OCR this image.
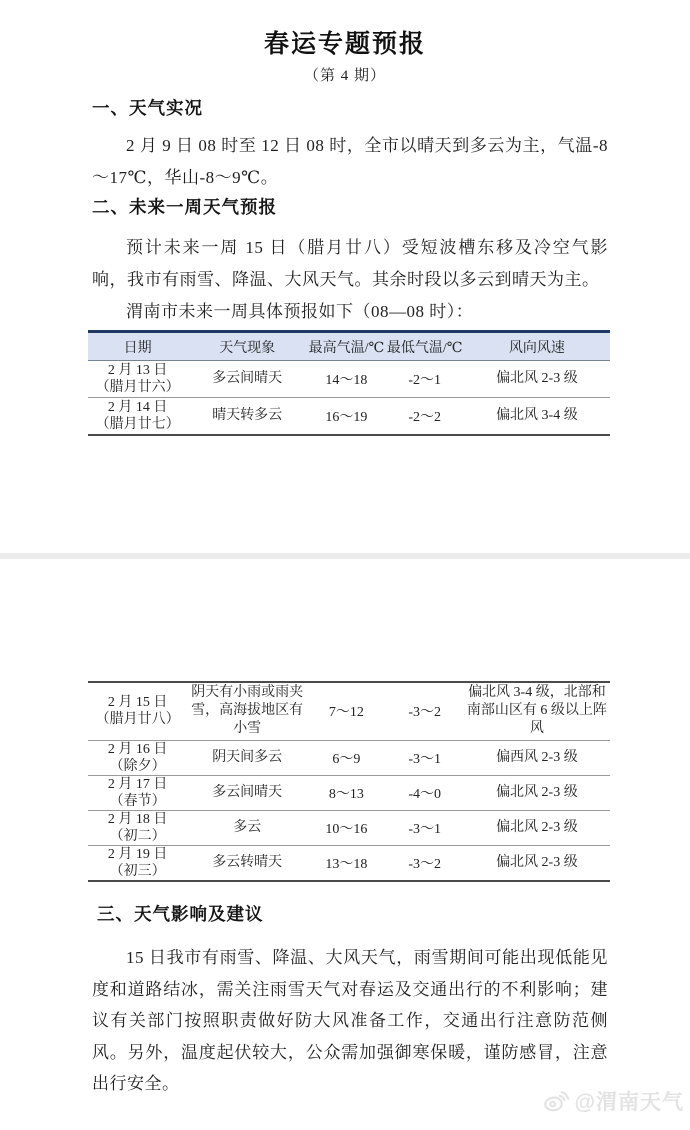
春运专题预报
（第 4 期）
一、天气实况
2 月 9 日 08 时至 12 日 08 时，全市以晴天到多云为主，气温-8～17℃，华山-8～9℃。
二、未来一周天气预报
预计未来一周 15 日（腊月廿八）受短波槽东移及冷空气影响，我市有雨雪、降温、大风天气。其余时段以多云到晴天为主。
渭南市未来一周具体预报如下（08—08 时）：
日期	天气现象	最高气温/℃	最低气温/℃	风向风速

2 月 13 日
（腊月廿六）	多云间晴天	14～18	-2～1	偏北风 2-3 级

2 月 14 日
（腊月廿七）	晴天转多云	16～19	-2～2	偏北风 3-4 级
2 月 15 日
（腊月廿八）	阴天有小雨或雨夹雪，高海拔地区有小雪	7～12	-3～2	偏北风 3-4 级，北部和南部山区有 6 级以上阵风

2 月 16 日
（除夕）	阴天间多云	6～9	-3～1	偏西风 2-3 级

2 月 17 日
（春节）	多云间晴天	8～13	-4～0	偏北风 2-3 级

2 月 18 日
（初二）	多云	10～16	-3～1	偏北风 2-3 级

2 月 19 日
（初三）	多云转晴天	13～18	-3～2	偏北风 2-3 级
三、天气影响及建议
15 日我市有雨雪、降温、大风天气，雨雪期间可能出现低能见度和道路结冰，需关注雨雪天气对春运及交通出行的不利影响；建议有关部门按照职责做好防大风准备工作，交通出行注意防范侧风。另外，温度起伏较大，公众需加强御寒保暖，谨防感冒，注意出行安全。
@渭南天气
